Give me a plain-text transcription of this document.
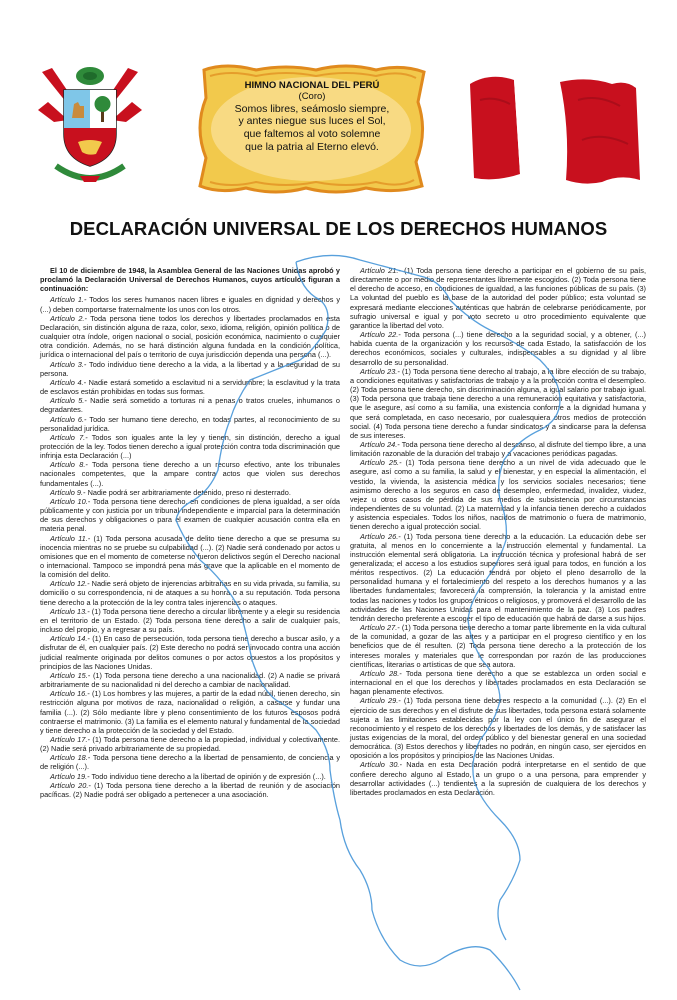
HIMNO NACIONAL DEL PERÚ
(Coro)
Somos libres, seámoslo siempre,
y antes niegue sus luces el Sol,
que faltemos al voto solemne
que la patria al Eterno elevó.
DECLARACIÓN UNIVERSAL DE LOS DERECHOS HUMANOS

El 10 de diciembre de 1948, la Asamblea General de las Naciones Unidas aprobó y proclamó la Declaración Universal de Derechos Humanos, cuyos artículos figuran a continuación:

Artículo 1.- Todos los seres humanos nacen libres e iguales en dignidad y derechos y (...) deben comportarse fraternalmente los unos con los otros.

Artículo 2.- Toda persona tiene todos los derechos y libertades proclamados en esta Declaración, sin distinción alguna de raza, color, sexo, idioma, religión, opinión política o de cualquier otra índole, origen nacional o social, posición económica, nacimiento o cualquier otra condición. Además, no se hará distinción alguna fundada en la condición política, jurídica o internacional del país o territorio de cuya jurisdicción dependa una persona (...).

Artículo 3.- Todo individuo tiene derecho a la vida, a la libertad y a la seguridad de su persona.

Artículo 4.- Nadie estará sometido a esclavitud ni a servidumbre; la esclavitud y la trata de esclavos están prohibidas en todas sus formas.

Artículo 5.- Nadie será sometido a torturas ni a penas o tratos crueles, inhumanos o degradantes.

Artículo 6.- Todo ser humano tiene derecho, en todas partes, al reconocimiento de su personalidad jurídica.

Artículo 7.- Todos son iguales ante la ley y tienen, sin distinción, derecho a igual protección de la ley. Todos tienen derecho a igual protección contra toda discriminación que infrinja esta Declaración (...)

Artículo 8.- Toda persona tiene derecho a un recurso efectivo, ante los tribunales nacionales competentes, que la ampare contra actos que violen sus derechos fundamentales (...).

Artículo 9.- Nadie podrá ser arbitrariamente detenido, preso ni desterrado.

Artículo 10.- Toda persona tiene derecho, en condiciones de plena igualdad, a ser oída públicamente y con justicia por un tribunal independiente e imparcial para la determinación de sus derechos y obligaciones o para el examen de cualquier acusación contra ella en materia penal.

Artículo 11.- (1) Toda persona acusada de delito tiene derecho a que se presuma su inocencia mientras no se pruebe su culpabilidad (...). (2) Nadie será condenado por actos u omisiones que en el momento de cometerse no fueron delictivos según el Derecho nacional o internacional. Tampoco se impondrá pena más grave que la aplicable en el momento de la comisión del delito.

Artículo 12.- Nadie será objeto de injerencias arbitrarias en su vida privada, su familia, su domicilio o su correspondencia, ni de ataques a su honra o a su reputación. Toda persona tiene derecho a la protección de la ley contra tales injerencias o ataques.

Artículo 13.- (1) Toda persona tiene derecho a circular libremente y a elegir su residencia en el territorio de un Estado. (2) Toda persona tiene derecho a salir de cualquier país, incluso del propio, y a regresar a su país.

Artículo 14.- (1) En caso de persecución, toda persona tiene derecho a buscar asilo, y a disfrutar de él, en cualquier país. (2) Este derecho no podrá ser invocado contra una acción judicial realmente originada por delitos comunes o por actos opuestos a los propósitos y principios de las Naciones Unidas.

Artículo 15.- (1) Toda persona tiene derecho a una nacionalidad. (2) A nadie se privará arbitrariamente de su nacionalidad ni del derecho a cambiar de nacionalidad.

Artículo 16.- (1) Los hombres y las mujeres, a partir de la edad núbil, tienen derecho, sin restricción alguna por motivos de raza, nacionalidad o religión, a casarse y fundar una familia (...). (2) Sólo mediante libre y pleno consentimiento de los futuros esposos podrá contraerse el matrimonio. (3) La familia es el elemento natural y fundamental de la sociedad y tiene derecho a la protección de la sociedad y del Estado.

Artículo 17.- (1) Toda persona tiene derecho a la propiedad, individual y colectivamente. (2) Nadie será privado arbitrariamente de su propiedad.

Artículo 18.- Toda persona tiene derecho a la libertad de pensamiento, de conciencia y de religión (...).

Artículo 19.- Todo individuo tiene derecho a la libertad de opinión y de expresión (...).

Artículo 20.- (1) Toda persona tiene derecho a la libertad de reunión y de asociación pacíficas. (2) Nadie podrá ser obligado a pertenecer a una asociación.

Artículo 21.- (1) Toda persona tiene derecho a participar en el gobierno de su país, directamente o por medio de representantes libremente escogidos. (2) Toda persona tiene el derecho de acceso, en condiciones de igualdad, a las funciones públicas de su país. (3) La voluntad del pueblo es la base de la autoridad del poder público; esta voluntad se expresará mediante elecciones auténticas que habrán de celebrarse periódicamente, por sufragio universal e igual y por voto secreto u otro procedimiento equivalente que garantice la libertad del voto.

Artículo 22.- Toda persona (...) tiene derecho a la seguridad social, y a obtener, (...) habida cuenta de la organización y los recursos de cada Estado, la satisfacción de los derechos económicos, sociales y culturales, indispensables a su dignidad y al libre desarrollo de su personalidad.

Artículo 23.- (1) Toda persona tiene derecho al trabajo, a la libre elección de su trabajo, a condiciones equitativas y satisfactorias de trabajo y a la protección contra el desempleo. (2) Toda persona tiene derecho, sin discriminación alguna, a igual salario por trabajo igual. (3) Toda persona que trabaja tiene derecho a una remuneración equitativa y satisfactoria, que le asegure, así como a su familia, una existencia conforme a la dignidad humana y que será completada, en caso necesario, por cualesquiera otros medios de protección social. (4) Toda persona tiene derecho a fundar sindicatos y a sindicarse para la defensa de sus intereses.

Artículo 24.- Toda persona tiene derecho al descanso, al disfrute del tiempo libre, a una limitación razonable de la duración del trabajo y a vacaciones periódicas pagadas.

Artículo 25.- (1) Toda persona tiene derecho a un nivel de vida adecuado que le asegure, así como a su familia, la salud y el bienestar, y en especial la alimentación, el vestido, la vivienda, la asistencia médica y los servicios sociales necesarios; tiene asimismo derecho a los seguros en caso de desempleo, enfermedad, invalidez, viudez, vejez u otros casos de pérdida de sus medios de subsistencia por circunstancias independientes de su voluntad. (2) La maternidad y la infancia tienen derecho a cuidados y asistencia especiales. Todos los niños, nacidos de matrimonio o fuera de matrimonio, tienen derecho a igual protección social.

Artículo 26.- (1) Toda persona tiene derecho a la educación. La educación debe ser gratuita, al menos en lo concerniente a la instrucción elemental y fundamental. La instrucción elemental será obligatoria. La instrucción técnica y profesional habrá de ser generalizada; el acceso a los estudios superiores será igual para todos, en función a los méritos respectivos. (2) La educación tendrá por objeto el pleno desarrollo de la personalidad humana y el fortalecimiento del respeto a los derechos humanos y a las libertades fundamentales; favorecerá la comprensión, la tolerancia y la amistad entre todas las naciones y todos los grupos étnicos o religiosos, y promoverá el desarrollo de las actividades de las Naciones Unidas para el mantenimiento de la paz. (3) Los padres tendrán derecho preferente a escoger el tipo de educación que habrá de darse a sus hijos.

Artículo 27.- (1) Toda persona tiene derecho a tomar parte libremente en la vida cultural de la comunidad, a gozar de las artes y a participar en el progreso científico y en los beneficios que de él resulten. (2) Toda persona tiene derecho a la protección de los intereses morales y materiales que le correspondan por razón de las producciones científicas, literarias o artísticas de que sea autora.

Artículo 28.- Toda persona tiene derecho a que se establezca un orden social e internacional en el que los derechos y libertades proclamados en esta Declaración se hagan plenamente efectivos.

Artículo 29.- (1) Toda persona tiene deberes respecto a la comunidad (...). (2) En el ejercicio de sus derechos y en el disfrute de sus libertades, toda persona estará solamente sujeta a las limitaciones establecidas por la ley con el único fin de asegurar el reconocimiento y el respeto de los derechos y libertades de los demás, y de satisfacer las justas exigencias de la moral, del orden público y del bienestar general en una sociedad democrática. (3) Estos derechos y libertades no podrán, en ningún caso, ser ejercidos en oposición a los propósitos y principios de las Naciones Unidas.

Artículo 30.- Nada en esta Declaración podrá interpretarse en el sentido de que confiere derecho alguno al Estado, a un grupo o a una persona, para emprender y desarrollar actividades (...) tendientes a la supresión de cualquiera de los derechos y libertades proclamados en esta Declaración.
